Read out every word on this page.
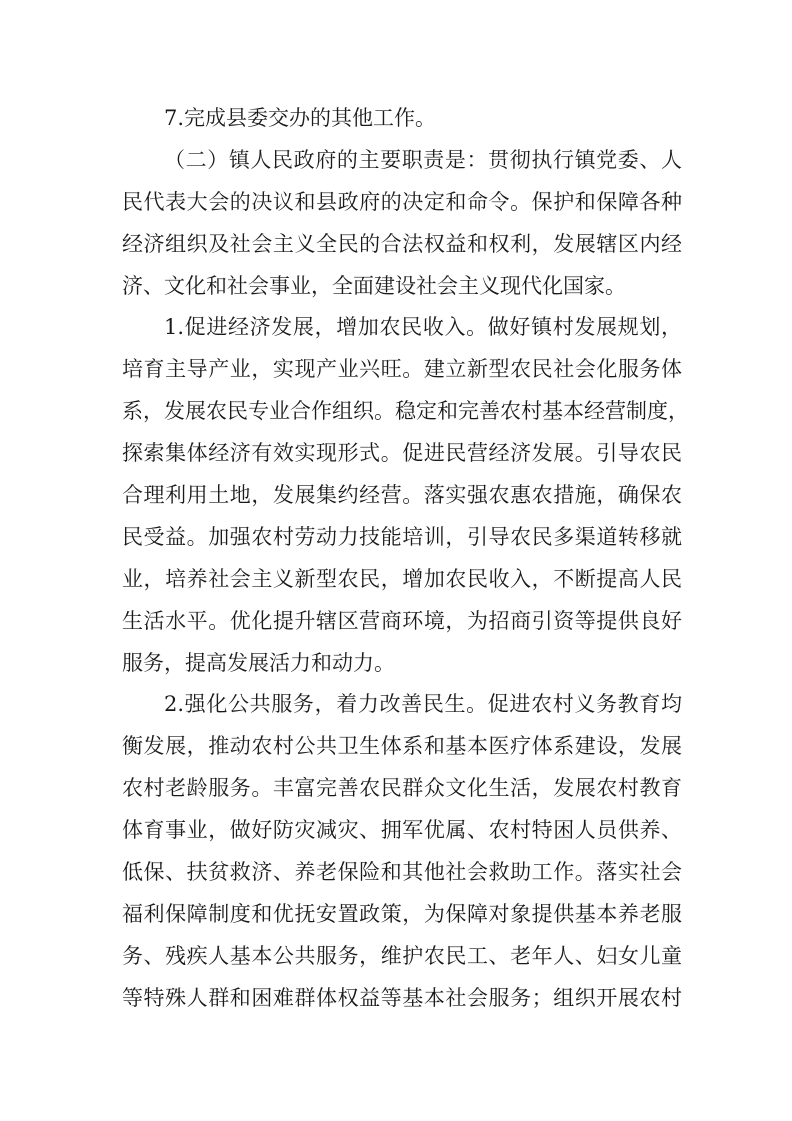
7.完成县委交办的其他工作。
（二）镇人民政府的主要职责是：贯彻执行镇党委、人
民代表大会的决议和县政府的决定和命令。保护和保障各种
经济组织及社会主义全民的合法权益和权利，发展辖区内经
济、文化和社会事业，全面建设社会主义现代化国家。
1.促进经济发展，增加农民收入。做好镇村发展规划，
培育主导产业，实现产业兴旺。建立新型农民社会化服务体
系，发展农民专业合作组织。稳定和完善农村基本经营制度，
探索集体经济有效实现形式。促进民营经济发展。引导农民
合理利用土地，发展集约经营。落实强农惠农措施，确保农
民受益。加强农村劳动力技能培训，引导农民多渠道转移就
业，培养社会主义新型农民，增加农民收入，不断提高人民
生活水平。优化提升辖区营商环境，为招商引资等提供良好
服务，提高发展活力和动力。
2.强化公共服务，着力改善民生。促进农村义务教育均
衡发展，推动农村公共卫生体系和基本医疗体系建设，发展
农村老龄服务。丰富完善农民群众文化生活，发展农村教育
体育事业，做好防灾减灾、拥军优属、农村特困人员供养、
低保、扶贫救济、养老保险和其他社会救助工作。落实社会
福利保障制度和优抚安置政策，为保障对象提供基本养老服
务、残疾人基本公共服务，维护农民工、老年人、妇女儿童
等特殊人群和困难群体权益等基本社会服务；组织开展农村
